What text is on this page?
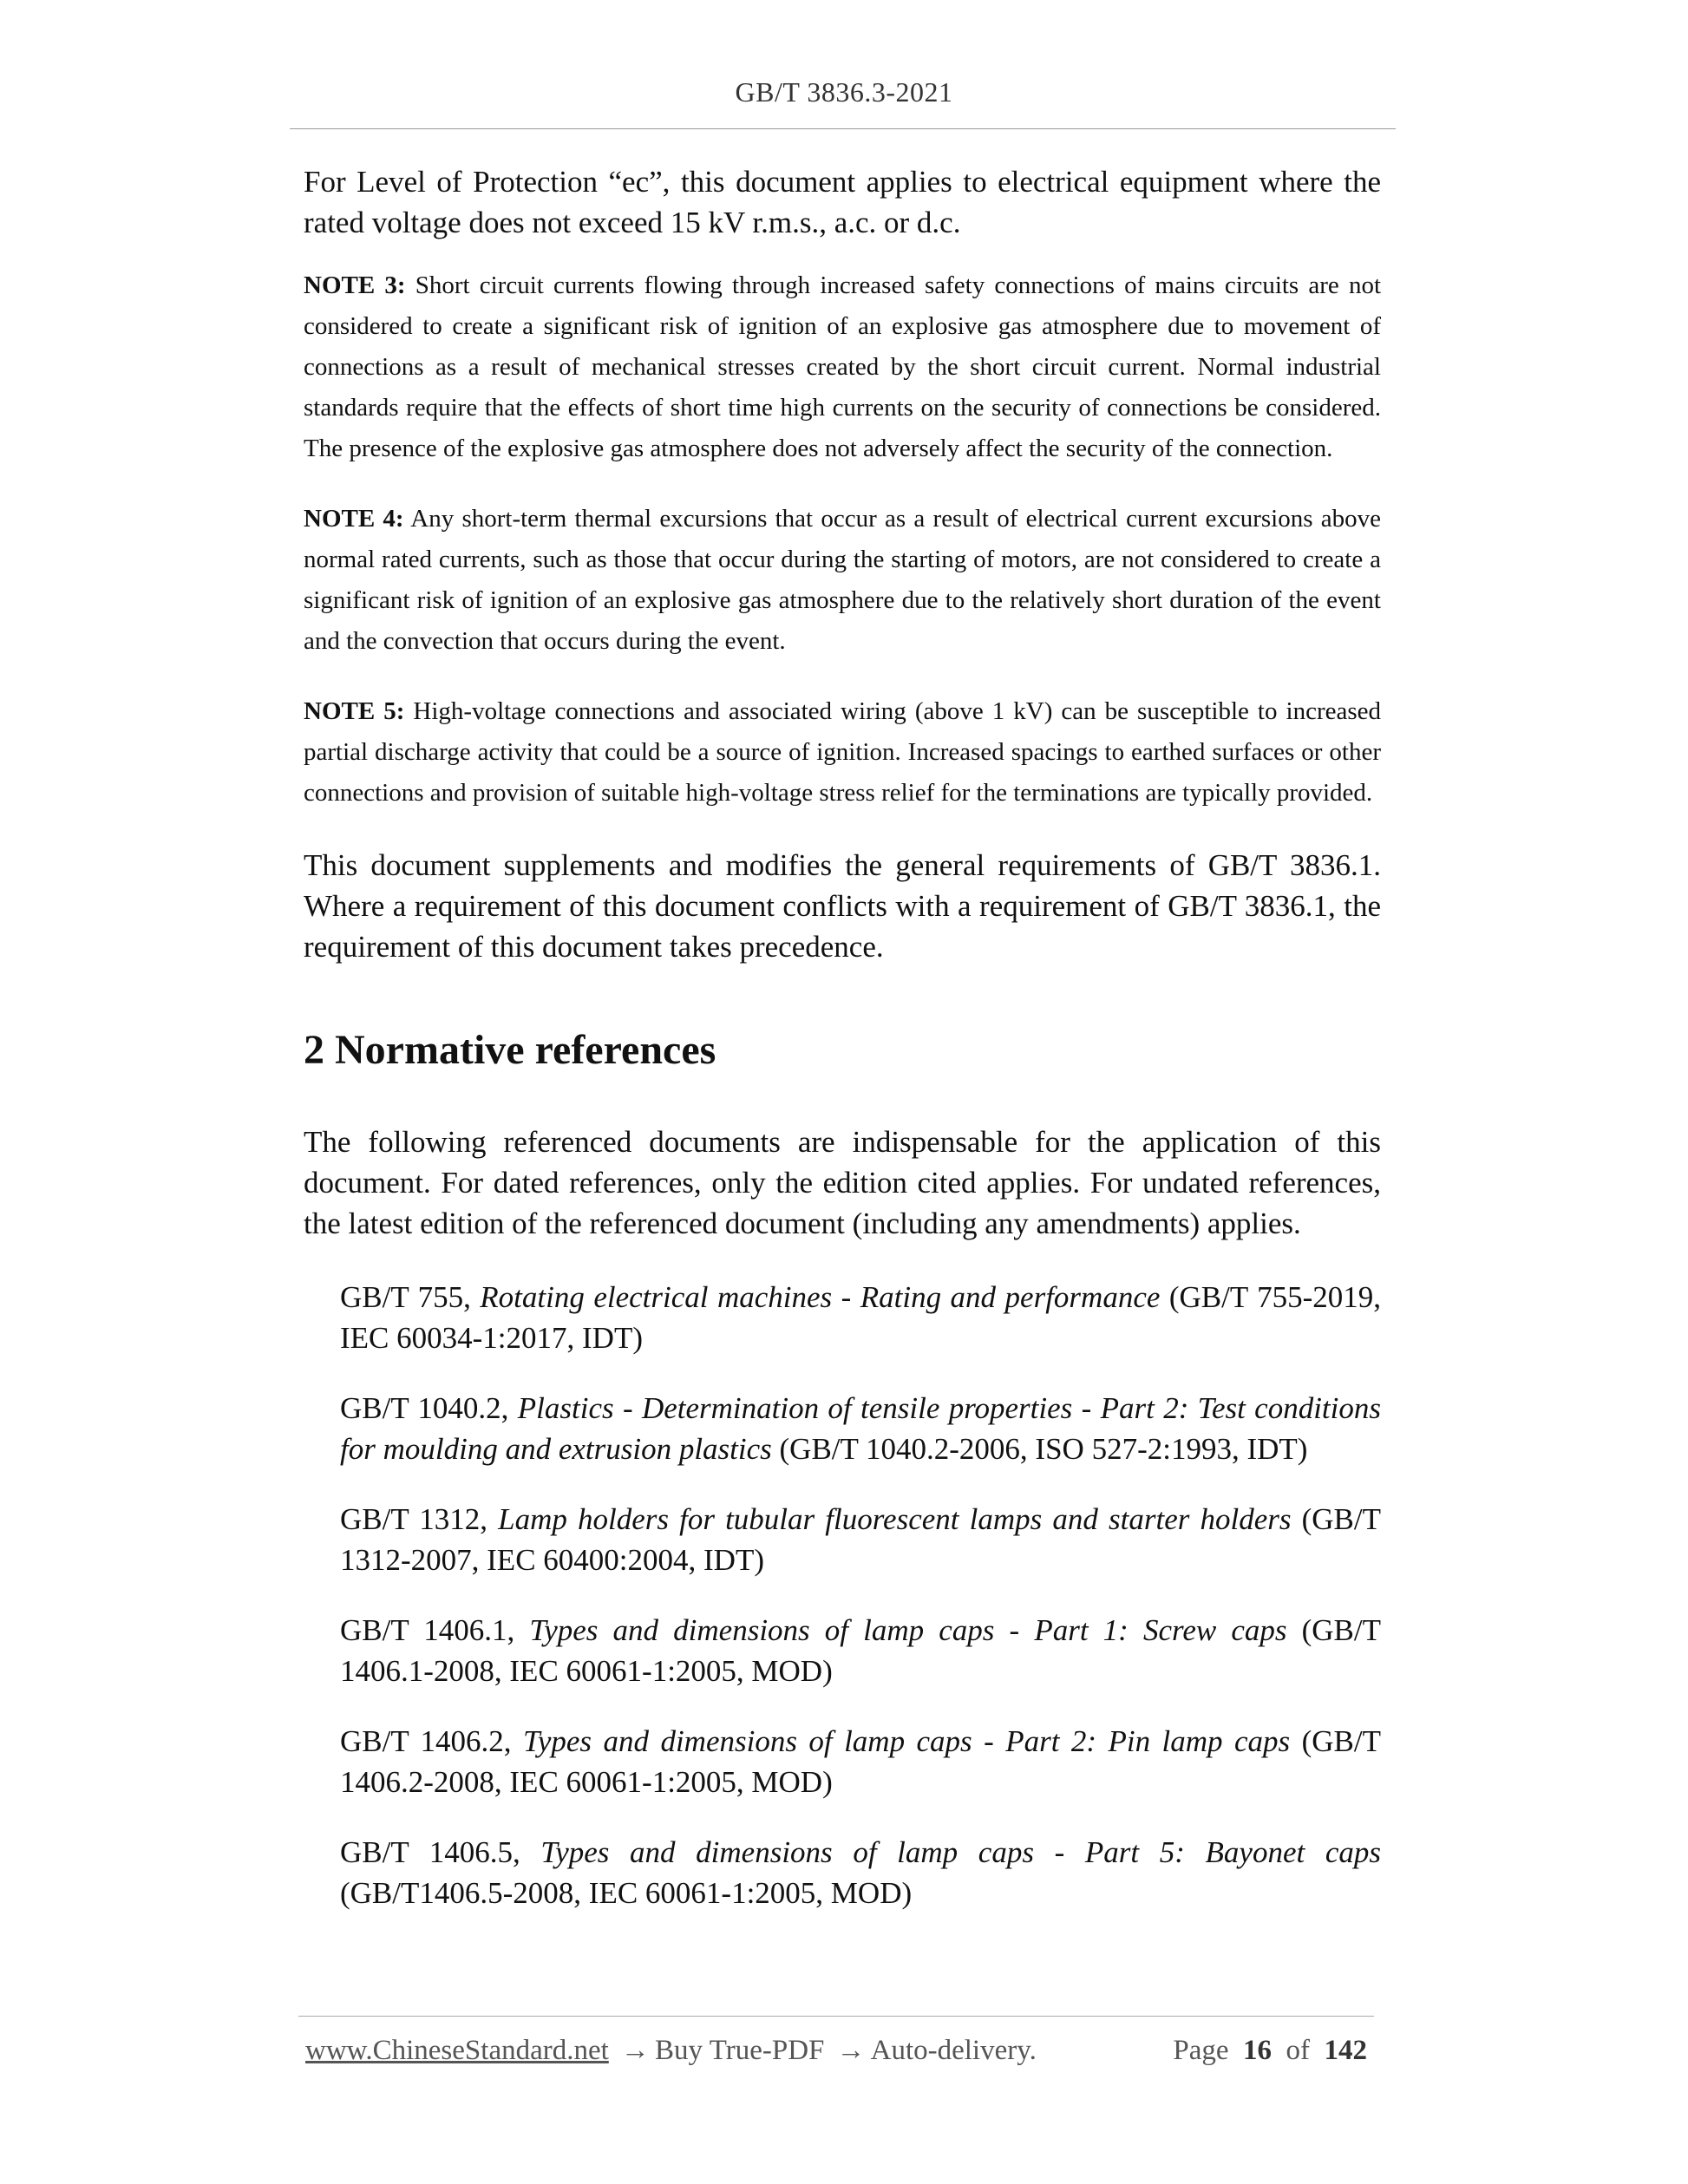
GB/T 3836.3-2021

For Level of Protection “ec”, this document applies to electrical equipment where the rated voltage does not exceed 15 kV r.m.s., a.c. or d.c.

NOTE 3: Short circuit currents flowing through increased safety connections of mains circuits are not considered to create a significant risk of ignition of an explosive gas atmosphere due to movement of connections as a result of mechanical stresses created by the short circuit current. Normal industrial standards require that the effects of short time high currents on the security of connections be considered. The presence of the explosive gas atmosphere does not adversely affect the security of the connection.

NOTE 4: Any short-term thermal excursions that occur as a result of electrical current excursions above normal rated currents, such as those that occur during the starting of motors, are not considered to create a significant risk of ignition of an explosive gas atmosphere due to the relatively short duration of the event and the convection that occurs during the event.

NOTE 5: High-voltage connections and associated wiring (above 1 kV) can be susceptible to increased partial discharge activity that could be a source of ignition. Increased spacings to earthed surfaces or other connections and provision of suitable high-voltage stress relief for the terminations are typically provided.

This document supplements and modifies the general requirements of GB/T 3836.1. Where a requirement of this document conflicts with a requirement of GB/T 3836.1, the requirement of this document takes precedence.

2 Normative references

The following referenced documents are indispensable for the application of this document. For dated references, only the edition cited applies. For undated references, the latest edition of the referenced document (including any amendments) applies.

GB/T 755, Rotating electrical machines - Rating and performance (GB/T 755-2019, IEC 60034-1:2017, IDT)

GB/T 1040.2, Plastics - Determination of tensile properties - Part 2: Test conditions for moulding and extrusion plastics (GB/T 1040.2-2006, ISO 527-2:1993, IDT)

GB/T 1312, Lamp holders for tubular fluorescent lamps and starter holders (GB/T 1312-2007, IEC 60400:2004, IDT)

GB/T 1406.1, Types and dimensions of lamp caps - Part 1: Screw caps (GB/T 1406.1-2008, IEC 60061-1:2005, MOD)

GB/T 1406.2, Types and dimensions of lamp caps - Part 2: Pin lamp caps (GB/T 1406.2-2008, IEC 60061-1:2005, MOD)

GB/T 1406.5, Types and dimensions of lamp caps - Part 5: Bayonet caps (GB/T1406.5-2008, IEC 60061-1:2005, MOD)

www.ChineseStandard.net → Buy True-PDF → Auto-delivery.	Page 16 of 142
